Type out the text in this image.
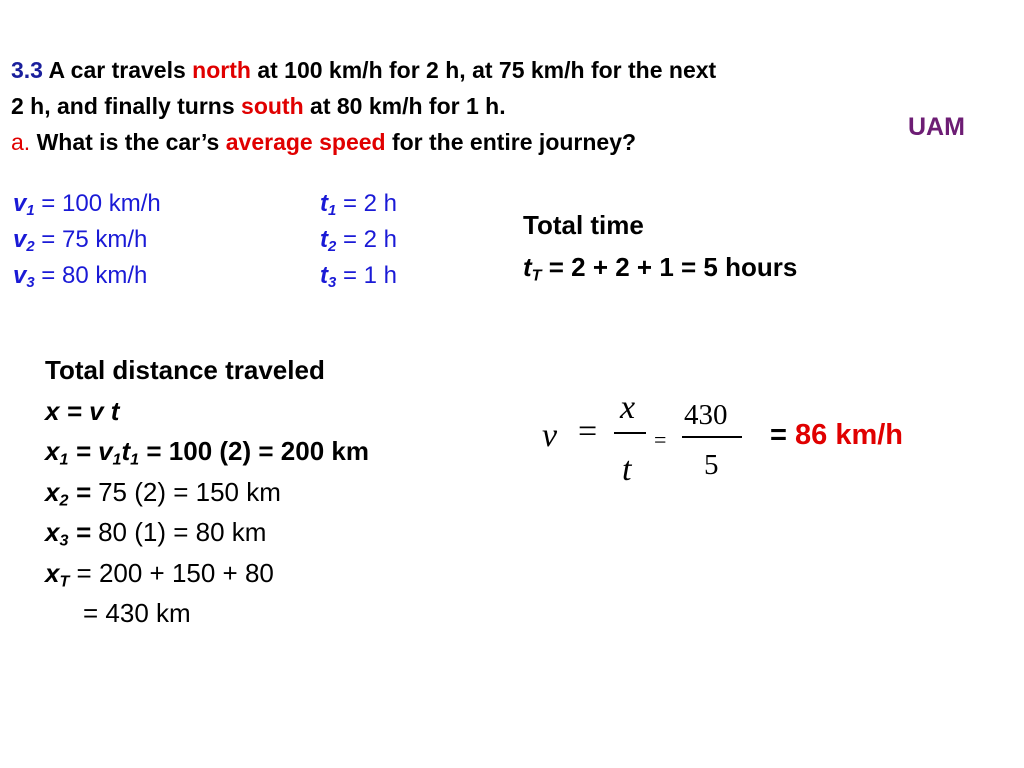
3.3 A car travels north at 100 km/h for 2 h, at 75 km/h for the next
2 h, and finally turns south at 80 km/h for 1 h.
a. What is the car’s average speed for the entire journey?
UAM
$v_1 = 100$ km/h
$v_2 = 75$ km/h
$v_3 = 80$ km/h
$t_1 = 2$ h
$t_2 = 2$ h
$t_3 = 1$ h
Total time
$t_T = 2 + 2 + 1 = 5$ hours
Total distance traveled
x = v t
$x_1 = v_1t_1 = 100$ (2) = 200 km
$x_2 = 75$ (2) = 150 km
$x_3 = 80$ (1) = 80 km
$x_T = 200 + 150 + 80$
= 430 km
v =
x
t
=
430
5
= 86 km/h
